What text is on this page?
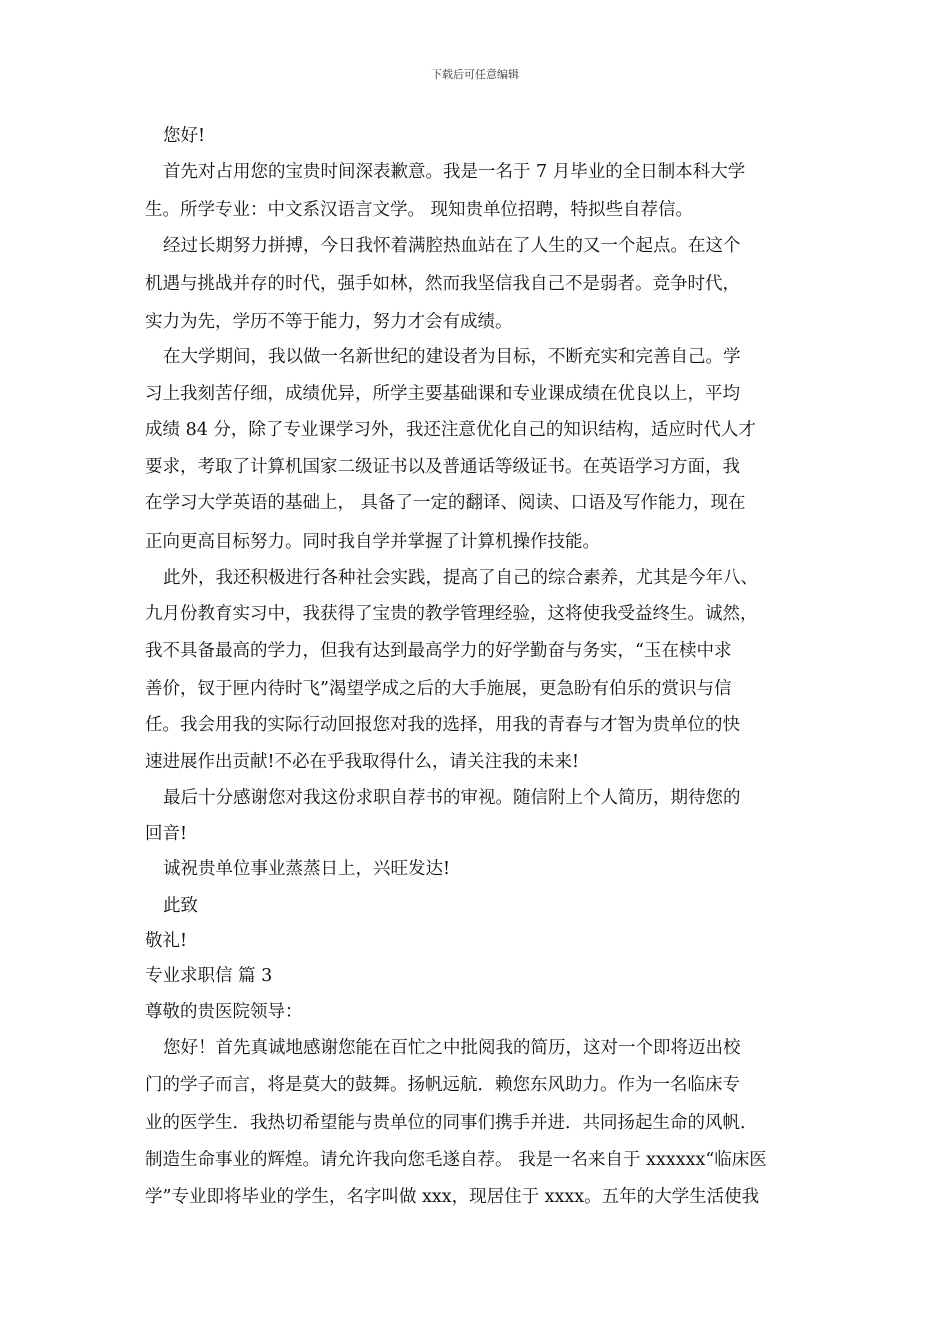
下载后可任意编辑
您好!
首先对占用您的宝贵时间深表歉意。我是一名于 7 月毕业的全日制本科大学
生。所学专业：中文系汉语言文学。 现知贵单位招聘，特拟些自荐信。
经过长期努力拼搏，今日我怀着满腔热血站在了人生的又一个起点。在这个
机遇与挑战并存的时代，强手如林，然而我坚信我自己不是弱者。竞争时代，
实力为先，学历不等于能力，努力才会有成绩。
在大学期间，我以做一名新世纪的建设者为目标，不断充实和完善自己。学
习上我刻苦仔细，成绩优异，所学主要基础课和专业课成绩在优良以上，平均
成绩 84 分，除了专业课学习外，我还注意优化自己的知识结构，适应时代人才
要求，考取了计算机国家二级证书以及普通话等级证书。在英语学习方面，我
在学习大学英语的基础上， 具备了一定的翻译、阅读、口语及写作能力，现在
正向更高目标努力。同时我自学并掌握了计算机操作技能。
此外，我还积极进行各种社会实践，提高了自己的综合素养，尤其是今年八、
九月份教育实习中，我获得了宝贵的教学管理经验，这将使我受益终生。诚然，
我不具备最高的学力，但我有达到最高学力的好学勤奋与务实，“玉在椟中求
善价，钗于匣内待时飞”渴望学成之后的大手施展，更急盼有伯乐的赏识与信
任。我会用我的实际行动回报您对我的选择，用我的青春与才智为贵单位的快
速进展作出贡献!不必在乎我取得什么，请关注我的未来!
最后十分感谢您对我这份求职自荐书的审视。随信附上个人简历，期待您的
回音!
诚祝贵单位事业蒸蒸日上，兴旺发达!
此致
敬礼!
专业求职信 篇 3
尊敬的贵医院领导：
您好！首先真诚地感谢您能在百忙之中批阅我的简历，这对一个即将迈出校
门的学子而言，将是莫大的鼓舞。扬帆远航．赖您东风助力。作为一名临床专
业的医学生．我热切希望能与贵单位的同事们携手并进．共同扬起生命的风帆．
制造生命事业的辉煌。请允许我向您毛遂自荐。 我是一名来自于 xxxxxx“临床医
学”专业即将毕业的学生，名字叫做 xxx，现居住于 xxxx。五年的大学生活使我
